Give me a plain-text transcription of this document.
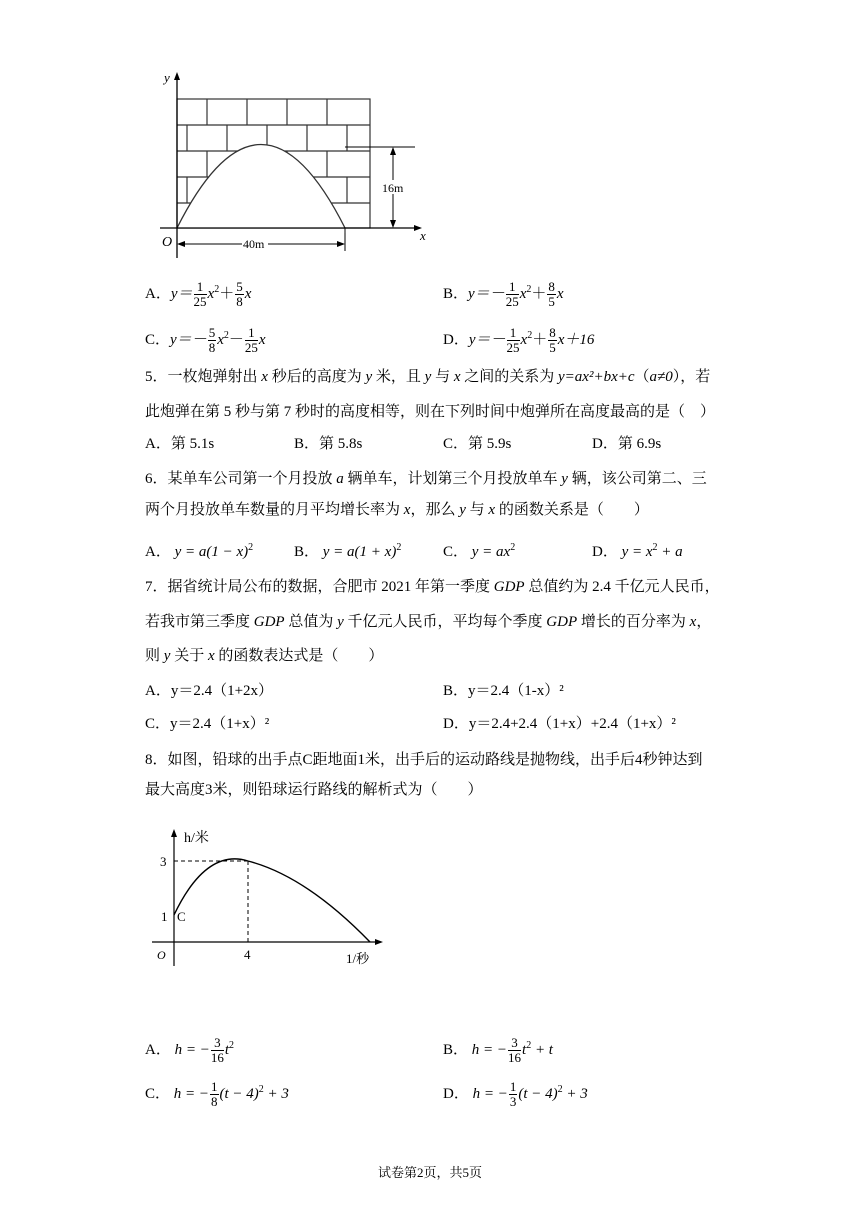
y
x
O
16m
40m
A．$y= \frac{1}{25} x^2+ \frac{5}{8}$ x	B．$y=- \frac{1}{25} x^2+ \frac{8}{5}$ x
C．$y=- \frac{5}{8} x^2- \frac{1}{25}$ x	D．$y=- \frac{1}{25} x^2+ \frac{8}{5} x+16$
5．一枚炮弹射出 x 秒后的高度为 y 米，且 y 与 x 之间的关系为 y=ax²+bx+c（a≠0），若
此炮弹在第 5 秒与第 7 秒时的高度相等，则在下列时间中炮弹所在高度最高的是（　）
A．第 5.1s	B．第 5.8s	C．第 5.9s	D．第 6.9s
6．某单车公司第一个月投放 a 辆单车，计划第三个月投放单车 y 辆，该公司第二、三
两个月投放单车数量的月平均增长率为 x，那么 y 与 x 的函数关系是（　　）
A． $y = a(1 - x)^2$	B． $y = a(1 + x)^2$	C． $y = ax^2$	D． $y = x^2 + a$
7．据省统计局公布的数据，合肥市 2021 年第一季度 GDP 总值约为 2.4 千亿元人民币，
若我市第三季度 GDP 总值为 y 千亿元人民币，平均每个季度 GDP 增长的百分率为 x，
则 y 关于 x 的函数表达式是（　　）
A．y＝2.4（1+2x）	B．y＝2.4（1-x）²
C．y＝2.4（1+x）²	D．y＝2.4+2.4（1+x）+2.4（1+x）²
8．如图，铅球的出手点C距地面1米，出手后的运动路线是抛物线，出手后4秒钟达到
最大高度3米，则铅球运行路线的解析式为（　　）
h/米
3
1 C
O	4	1/秒
A． h = − $\frac{3}{16} t^2$	B． h = − $\frac{3}{16} t^2 + t$
C． h = − $\frac{1}{8} (t - 4)^2 + 3$	D． h = − $\frac{1}{3} (t - 4)^2 + 3$
试卷第2页，共5页
